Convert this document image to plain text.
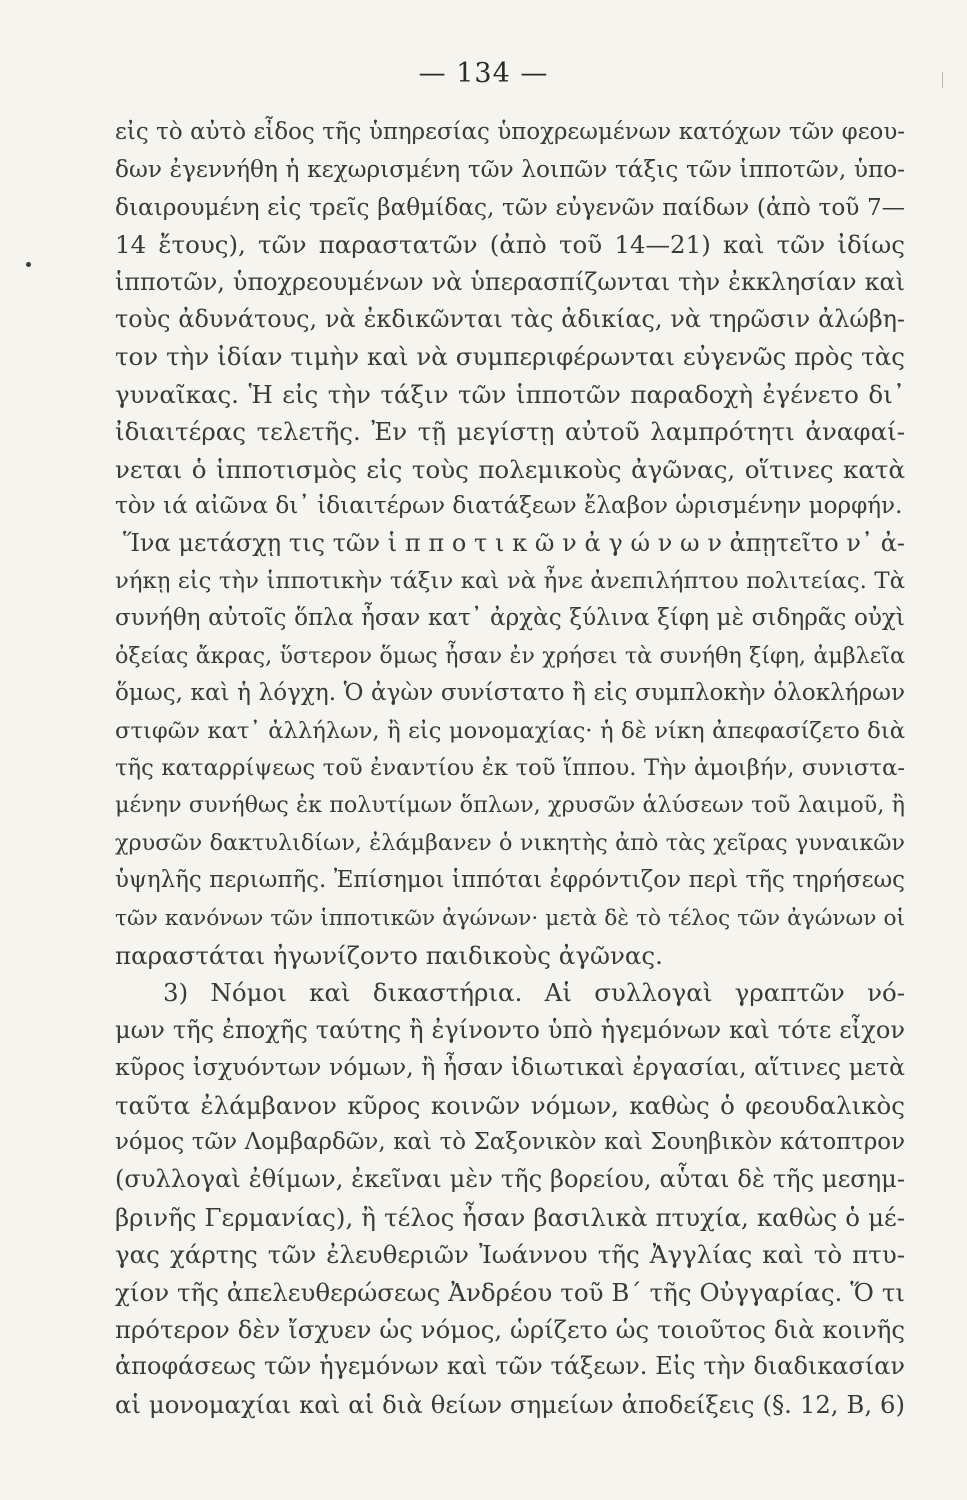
— 134 —
εἰς τὸ αὐτὸ εἶδος τῆς ὑπηρεσίας ὑποχρεωμένων κατόχων τῶν φεου-
δων ἐγεννήθη ἡ κεχωρισμένη τῶν λοιπῶν τάξις τῶν ἱπποτῶν, ὑπο-
διαιρουμένη εἰς τρεῖς βαθμίδας, τῶν εὐγενῶν παίδων (ἀπὸ τοῦ 7—
14 ἔτους), τῶν παραστατῶν (ἀπὸ τοῦ 14—21) καὶ τῶν ἰδίως
ἱπποτῶν, ὑποχρεουμένων νὰ ὑπερασπίζωνται τὴν ἐκκλησίαν καὶ
τοὺς ἀδυνάτους, νὰ ἐκδικῶνται τὰς ἀδικίας, νὰ τηρῶσιν ἀλώβη-
τον τὴν ἰδίαν τιμὴν καὶ νὰ συμπεριφέρωνται εὐγενῶς πρὸς τὰς
γυναῖκας. Ἡ εἰς τὴν τάξιν τῶν ἱπποτῶν παραδοχὴ ἐγένετο δι᾿
ἰδιαιτέρας τελετῆς. Ἐν τῇ μεγίστῃ αὐτοῦ λαμπρότητι ἀναφαί-
νεται ὁ ἱπποτισμὸς εἰς τοὺς πολεμικοὺς ἀγῶνας, οἵτινες κατὰ
τὸν ιά αἰῶνα δι᾿ ἰδιαιτέρων διατάξεων ἔλαβον ὡρισμένην μορφήν.
Ἵνα μετάσχῃ τις τῶν ἱ π π ο τ ι κ ῶ ν ἀ γ ώ ν ω ν ἀπῃτεῖτο ν᾿ ἀ-
νήκῃ εἰς τὴν ἱπποτικὴν τάξιν καὶ νὰ ἦνε ἀνεπιλήπτου πολιτείας. Τὰ
συνήθη αὐτοῖς ὅπλα ἦσαν κατ᾿ ἀρχὰς ξύλινα ξίφη μὲ σιδηρᾶς οὐχὶ
ὀξείας ἄκρας, ὕστερον ὅμως ἦσαν ἐν χρήσει τὰ συνήθη ξίφη, ἀμβλεῖα
ὅμως, καὶ ἡ λόγχη. Ὁ ἀγὼν συνίστατο ἢ εἰς συμπλοκὴν ὁλοκλήρων
στιφῶν κατ᾿ ἀλλήλων, ἢ εἰς μονομαχίας· ἡ δὲ νίκη ἀπεφασίζετο διὰ
τῆς καταρρίψεως τοῦ ἐναντίου ἐκ τοῦ ἵππου. Τὴν ἀμοιβήν, συνιστα-
μένην συνήθως ἐκ πολυτίμων ὅπλων, χρυσῶν ἁλύσεων τοῦ λαιμοῦ, ἢ
χρυσῶν δακτυλιδίων, ἐλάμβανεν ὁ νικητὴς ἀπὸ τὰς χεῖρας γυναικῶν
ὑψηλῆς περιωπῆς. Ἐπίσημοι ἱππόται ἐφρόντιζον περὶ τῆς τηρήσεως
τῶν κανόνων τῶν ἱπποτικῶν ἀγώνων· μετὰ δὲ τὸ τέλος τῶν ἀγώνων οἱ
παραστάται ἠγωνίζοντο παιδικοὺς ἀγῶνας.
3) Νόμοι καὶ δικαστήρια. Αἱ συλλογαὶ γραπτῶν νό-
μων τῆς ἐποχῆς ταύτης ἢ ἐγίνοντο ὑπὸ ἡγεμόνων καὶ τότε εἶχον
κῦρος ἰσχυόντων νόμων, ἢ ἦσαν ἰδιωτικαὶ ἐργασίαι, αἵτινες μετὰ
ταῦτα ἐλάμβανον κῦρος κοινῶν νόμων, καθὼς ὁ φεουδαλικὸς
νόμος τῶν Λομβαρδῶν, καὶ τὸ Σαξονικὸν καὶ Σουηβικὸν κάτοπτρον
(συλλογαὶ ἐθίμων, ἐκεῖναι μὲν τῆς βορείου, αὗται δὲ τῆς μεσημ-
βρινῆς Γερμανίας), ἢ τέλος ἦσαν βασιλικὰ πτυχία, καθὼς ὁ μέ-
γας χάρτης τῶν ἐλευθεριῶν Ἰωάννου τῆς Ἀγγλίας καὶ τὸ πτυ-
χίον τῆς ἀπελευθερώσεως Ἀνδρέου τοῦ Β´ τῆς Οὐγγαρίας. Ὅ τι
πρότερον δὲν ἴσχυεν ὡς νόμος, ὡρίζετο ὡς τοιοῦτος διὰ κοινῆς
ἀποφάσεως τῶν ἡγεμόνων καὶ τῶν τάξεων. Εἰς τὴν διαδικασίαν
αἱ μονομαχίαι καὶ αἱ διὰ θείων σημείων ἀποδείξεις (§. 12, Β, 6)
